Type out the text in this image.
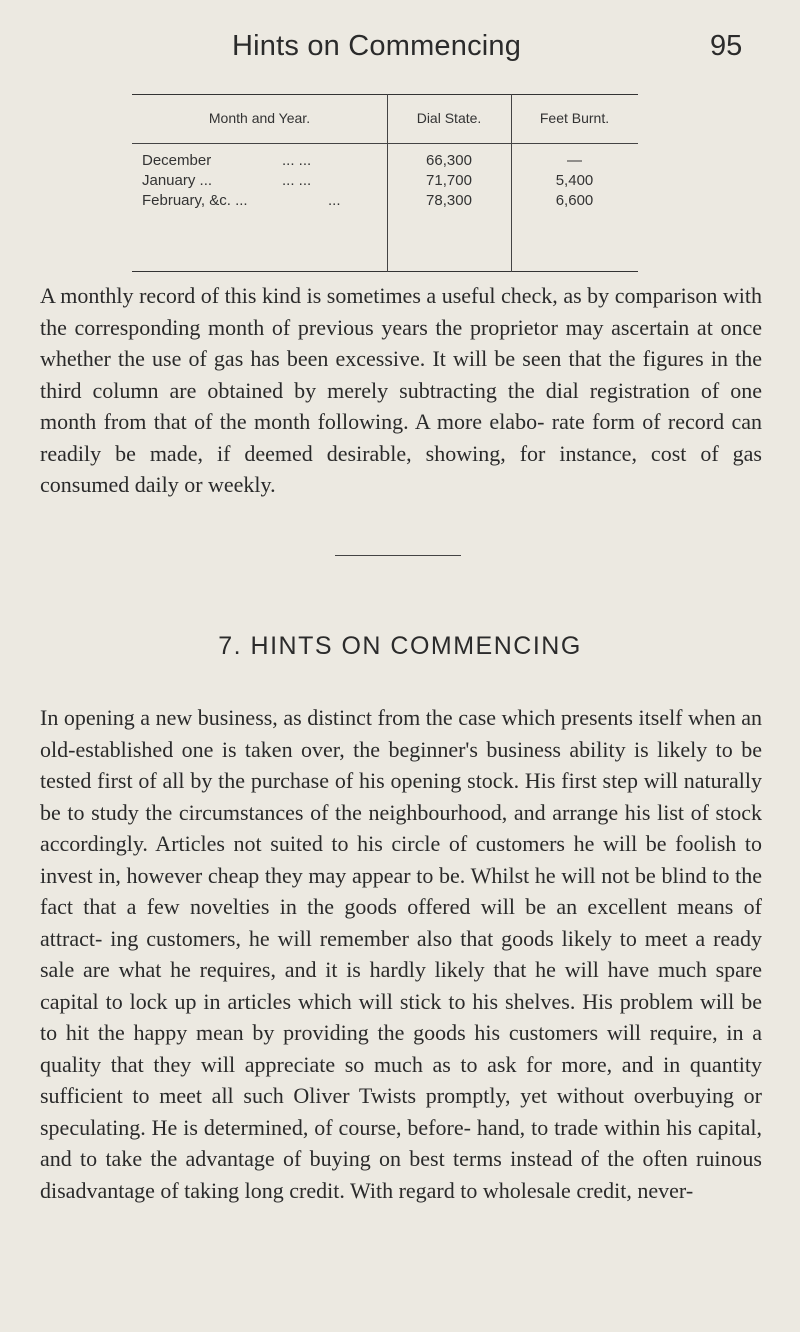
Hints on Commencing	95
Month and Year.	Dial State.	Feet Burnt.
December	... ...	66,300	—
January ...	... ...	71,700	5,400
February, &c. ...	...	78,300	6,600

A monthly record of this kind is sometimes a useful check, as by comparison with the corresponding month of previous years the proprietor may ascertain at once whether the use of gas has been excessive. It will be seen that the figures in the third column are obtained by merely subtracting the dial registration of one month from that of the month following. A more elabo- rate form of record can readily be made, if deemed desirable, showing, for instance, cost of gas consumed daily or weekly.

7. HINTS ON COMMENCING

In opening a new business, as distinct from the case which presents itself when an old-established one is taken over, the beginner's business ability is likely to be tested first of all by the purchase of his opening stock. His first step will naturally be to study the circumstances of the neighbourhood, and arrange his list of stock accordingly. Articles not suited to his circle of customers he will be foolish to invest in, however cheap they may appear to be. Whilst he will not be blind to the fact that a few novelties in the goods offered will be an excellent means of attract- ing customers, he will remember also that goods likely to meet a ready sale are what he requires, and it is hardly likely that he will have much spare capital to lock up in articles which will stick to his shelves. His problem will be to hit the happy mean by providing the goods his customers will require, in a quality that they will appreciate so much as to ask for more, and in quantity sufficient to meet all such Oliver Twists promptly, yet without overbuying or speculating. He is determined, of course, before- hand, to trade within his capital, and to take the advantage of buying on best terms instead of the often ruinous disadvantage of taking long credit. With regard to wholesale credit, never-
